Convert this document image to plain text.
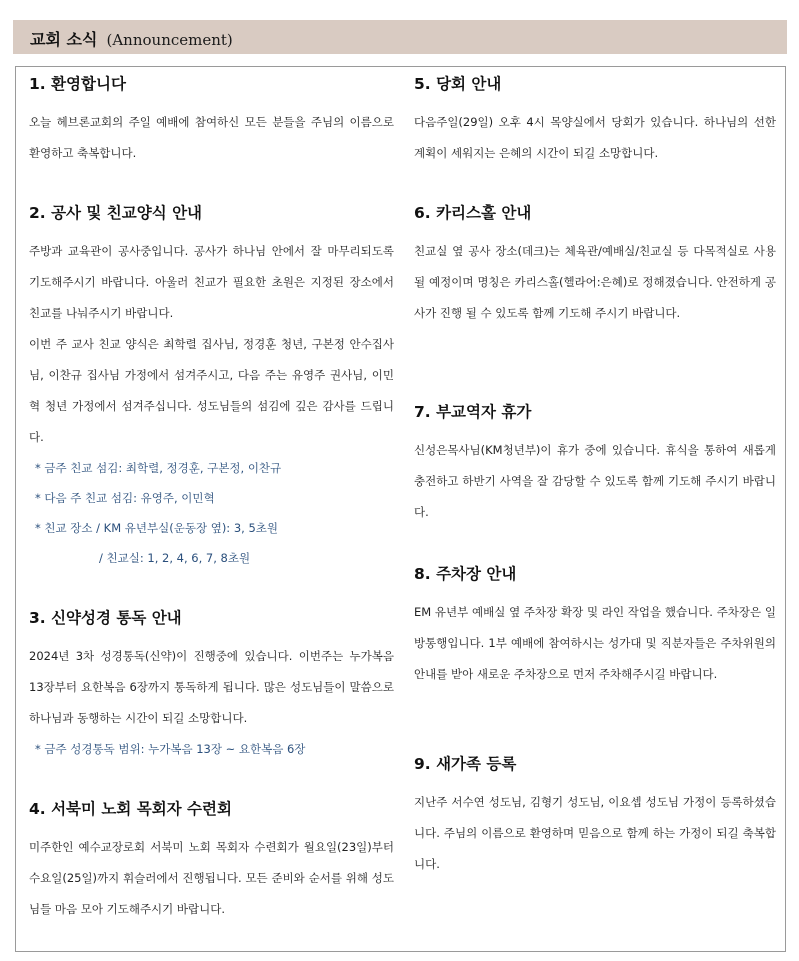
교회 소식 (Announcement)
1. 환영합니다

오늘 헤브론교회의 주일 예배에 참여하신 모든 분들을 주님의 이름으로 환영하고 축복합니다.

2. 공사 및 친교양식 안내

주방과 교육관이 공사중입니다. 공사가 하나님 안에서 잘 마무리되도록 기도해주시기 바랍니다. 아울러 친교가 필요한 초원은 지정된 장소에서 친교를 나눠주시기 바랍니다.

이번 주 교사 친교 양식은 최학렬 집사님, 정경훈 청년, 구본정 안수집사님, 이찬규 집사님 가정에서 섬겨주시고, 다음 주는 유영주 권사님, 이민혁 청년 가정에서 섬겨주십니다. 성도님들의 섬김에 깊은 감사를 드립니다.

* 금주 친교 섬김: 최학렬, 정경훈, 구본정, 이찬규

* 다음 주 친교 섬김: 유영주, 이민혁

* 친교 장소 / KM 유년부실(운동장 옆): 3, 5초원

/ 친교실: 1, 2, 4, 6, 7, 8초원

3. 신약성경 통독 안내

2024년 3차 성경통독(신약)이 진행중에 있습니다. 이번주는 누가복음 13장부터 요한복음 6장까지 통독하게 됩니다. 많은 성도님들이 말씀으로 하나님과 동행하는 시간이 되길 소망합니다.

* 금주 성경통독 범위: 누가복음 13장 ~ 요한복음 6장

4. 서북미 노회 목회자 수련회

미주한인 예수교장로회 서북미 노회 목회자 수련회가 월요일(23일)부터 수요일(25일)까지 휘슬러에서 진행됩니다. 모든 준비와 순서를 위해 성도님들 마음 모아 기도해주시기 바랍니다.

5. 당회 안내

다음주일(29일) 오후 4시 목양실에서 당회가 있습니다. 하나님의 선한 계획이 세워지는 은혜의 시간이 되길 소망합니다.

6. 카리스홀 안내

친교실 옆 공사 장소(데크)는 체육관/예배실/친교실 등 다목적실로 사용될 예정이며 명칭은 카리스홀(헬라어:은혜)로 정해졌습니다. 안전하게 공사가 진행 될 수 있도록 함께 기도해 주시기 바랍니다.

7. 부교역자 휴가

신성은목사님(KM청년부)이 휴가 중에 있습니다. 휴식을 통하여 새롭게 충전하고 하반기 사역을 잘 감당할 수 있도록 함께 기도해 주시기 바랍니다.

8. 주차장 안내

EM 유년부 예배실 옆 주차장 확장 및 라인 작업을 했습니다. 주차장은 일방통행입니다. 1부 예배에 참여하시는 성가대 및 직분자들은 주차위원의 안내를 받아 새로운 주차장으로 먼저 주차해주시길 바랍니다.

9. 새가족 등록

지난주 서수연 성도님, 김형기 성도님, 이요셉 성도님 가정이 등록하셨습니다. 주님의 이름으로 환영하며 믿음으로 함께 하는 가정이 되길 축복합니다.
